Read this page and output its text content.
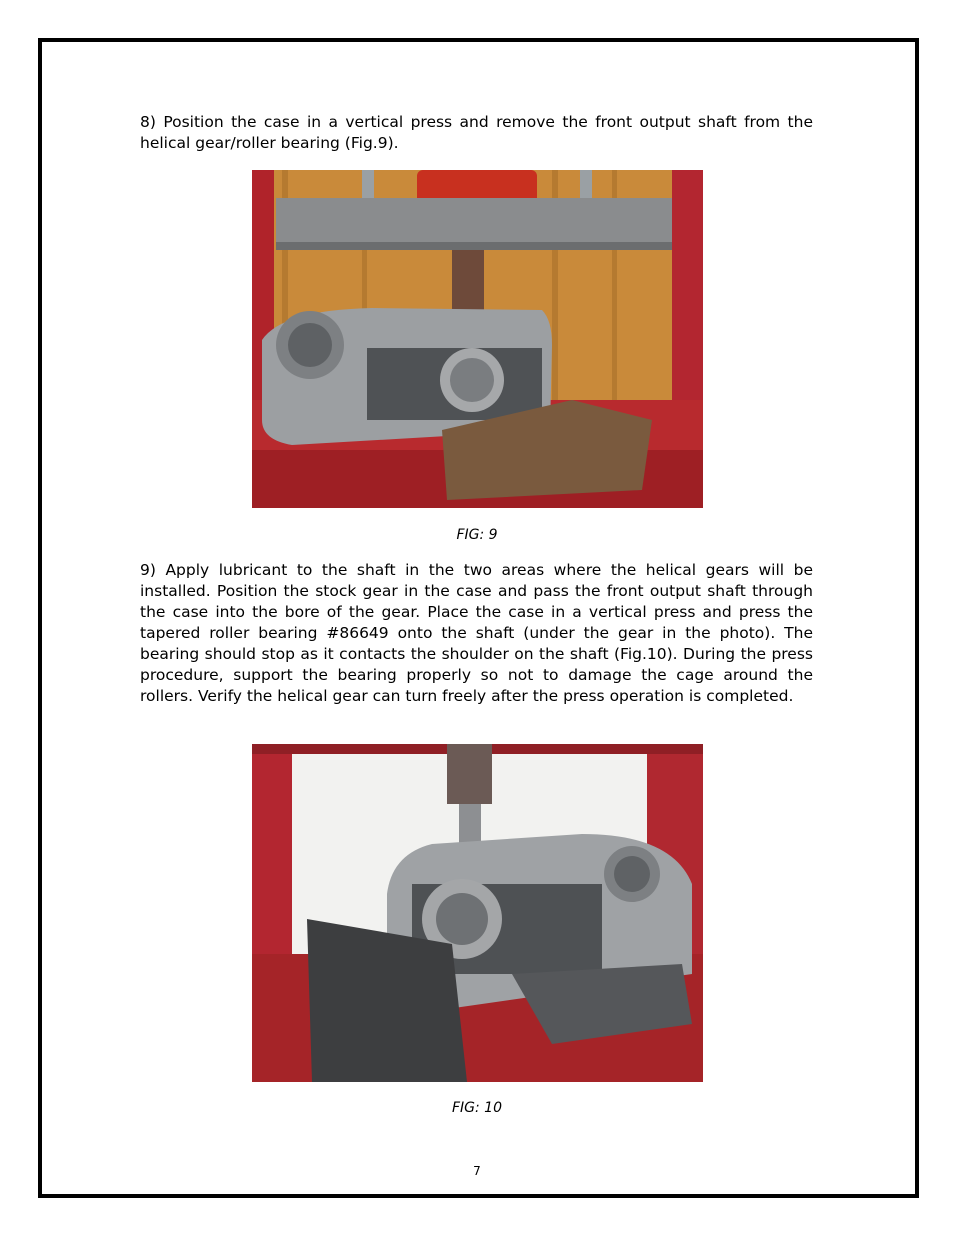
8) Position the case in a vertical press and remove the front output shaft from the helical gear/roller bearing (Fig.9).

FIG: 9

9) Apply lubricant to the shaft in the two areas where the helical gears will be installed. Position the stock gear in the case and pass the front output shaft through the case into the bore of the gear. Place the case in a vertical press and press the tapered roller bearing #86649 onto the shaft (under the gear in the photo). The bearing should stop as it contacts the shoulder on the shaft (Fig.10). During the press procedure, support the bearing properly so not to damage the cage around the rollers. Verify the helical gear can turn freely after the press operation is completed.

FIG: 10
7
